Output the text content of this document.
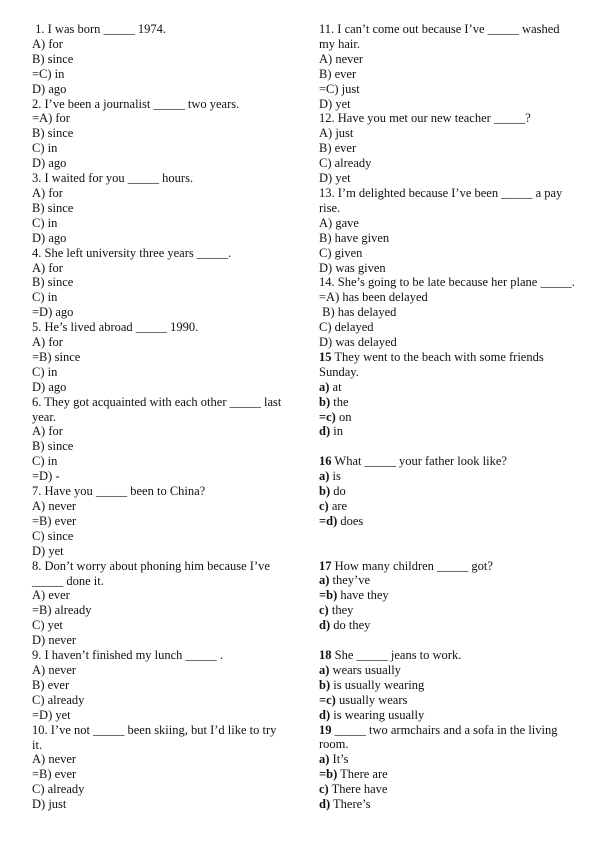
1. I was born _____ 1974.
A) for
B) since
=C) in
D) ago
2. I’ve been a journalist _____ two years.
=A) for
B) since
C) in
D) ago
3. I waited for you _____ hours.
A) for
B) since
C) in
D) ago
4. She left university three years _____.
A) for
B) since
C) in
=D) ago
5. He’s lived abroad _____ 1990.
A) for
=B) since
C) in
D) ago
6. They got acquainted with each other _____ last year.
A) for
B) since
C) in
=D) -
7. Have you _____ been to China?
A) never
=B) ever
C) since
D) yet
8. Don’t worry about phoning him because I’ve _____ done it.
A) ever
=B) already
C) yet
D) never
9. I haven’t finished my lunch _____ .
A) never
B) ever
C) already
=D) yet
10. I’ve not _____ been skiing, but I’d like to try it.
A) never
=B) ever
C) already
D) just
11. I can’t come out because I’ve _____ washed my hair.
A) never
B) ever
=C) just
D) yet
12. Have you met our new teacher _____?
A) just
B) ever
C) already
D) yet
13. I’m delighted because I’ve been _____ a pay rise.
A) gave
B) have given
C) given
D) was given
14. She’s going to be late because her plane _____.
=A) has been delayed
B) has delayed
C) delayed
D) was delayed
15 They went to the beach with some friends Sunday.
a) at
b) the
=c) on
d) in
16 What _____ your father look like?
a) is
b) do
c) are
=d) does
17 How many children _____ got?
a) they’ve
=b) have they
c) they
d) do they
18 She _____ jeans to work.
a) wears usually
b) is usually wearing
=c) usually wears
d) is wearing usually
19 _____ two armchairs and a sofa in the living room.
a) It’s
=b) There are
c) There have
d) There’s
